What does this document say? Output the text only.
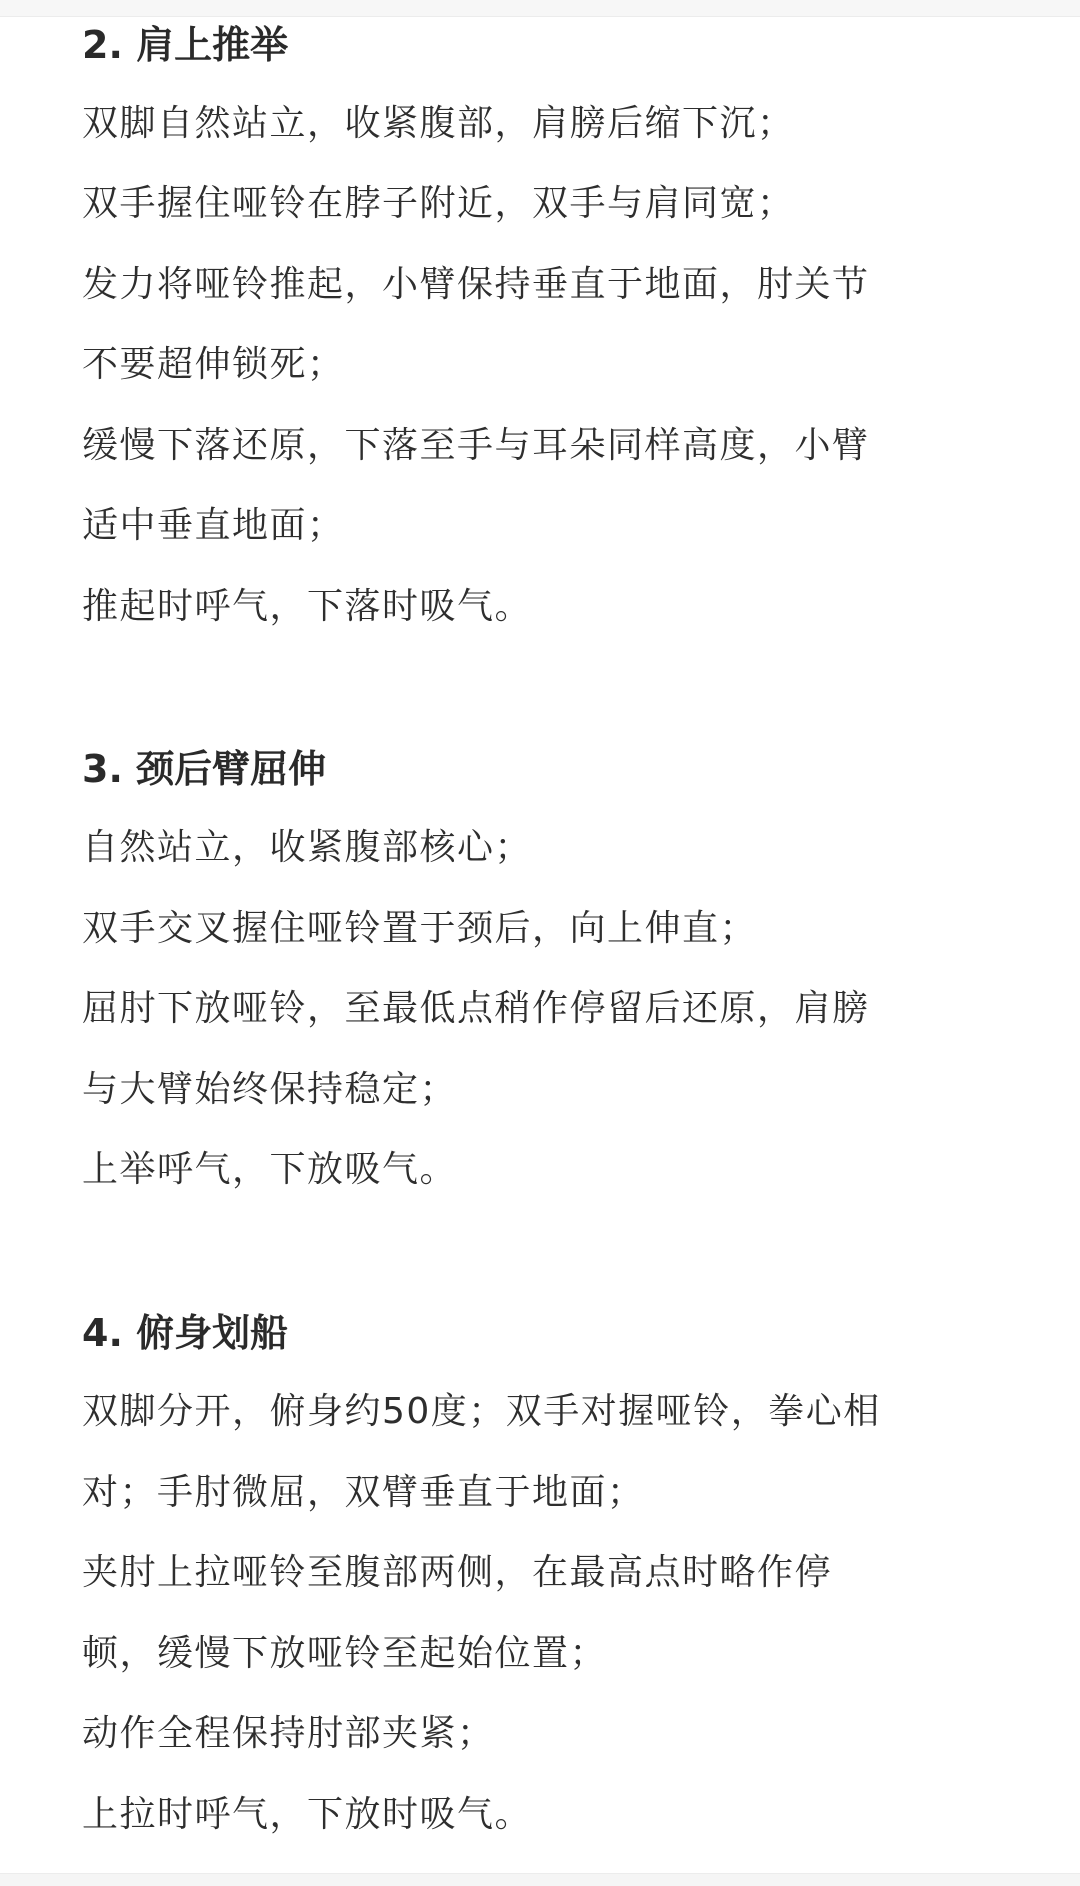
2. 肩上推举

双脚自然站立，收紧腹部，肩膀后缩下沉；

双手握住哑铃在脖子附近，双手与肩同宽；

发力将哑铃推起，小臂保持垂直于地面，肘关节

不要超伸锁死；

缓慢下落还原，下落至手与耳朵同样高度，小臂

适中垂直地面；

推起时呼气，下落时吸气。

3. 颈后臂屈伸

自然站立，收紧腹部核心；

双手交叉握住哑铃置于颈后，向上伸直；

屈肘下放哑铃，至最低点稍作停留后还原，肩膀

与大臂始终保持稳定；

上举呼气，下放吸气。

4. 俯身划船

双脚分开，俯身约50度；双手对握哑铃，拳心相

对；手肘微屈，双臂垂直于地面；

夹肘上拉哑铃至腹部两侧，在最高点时略作停

顿，缓慢下放哑铃至起始位置；

动作全程保持肘部夹紧；

上拉时呼气，下放时吸气。
